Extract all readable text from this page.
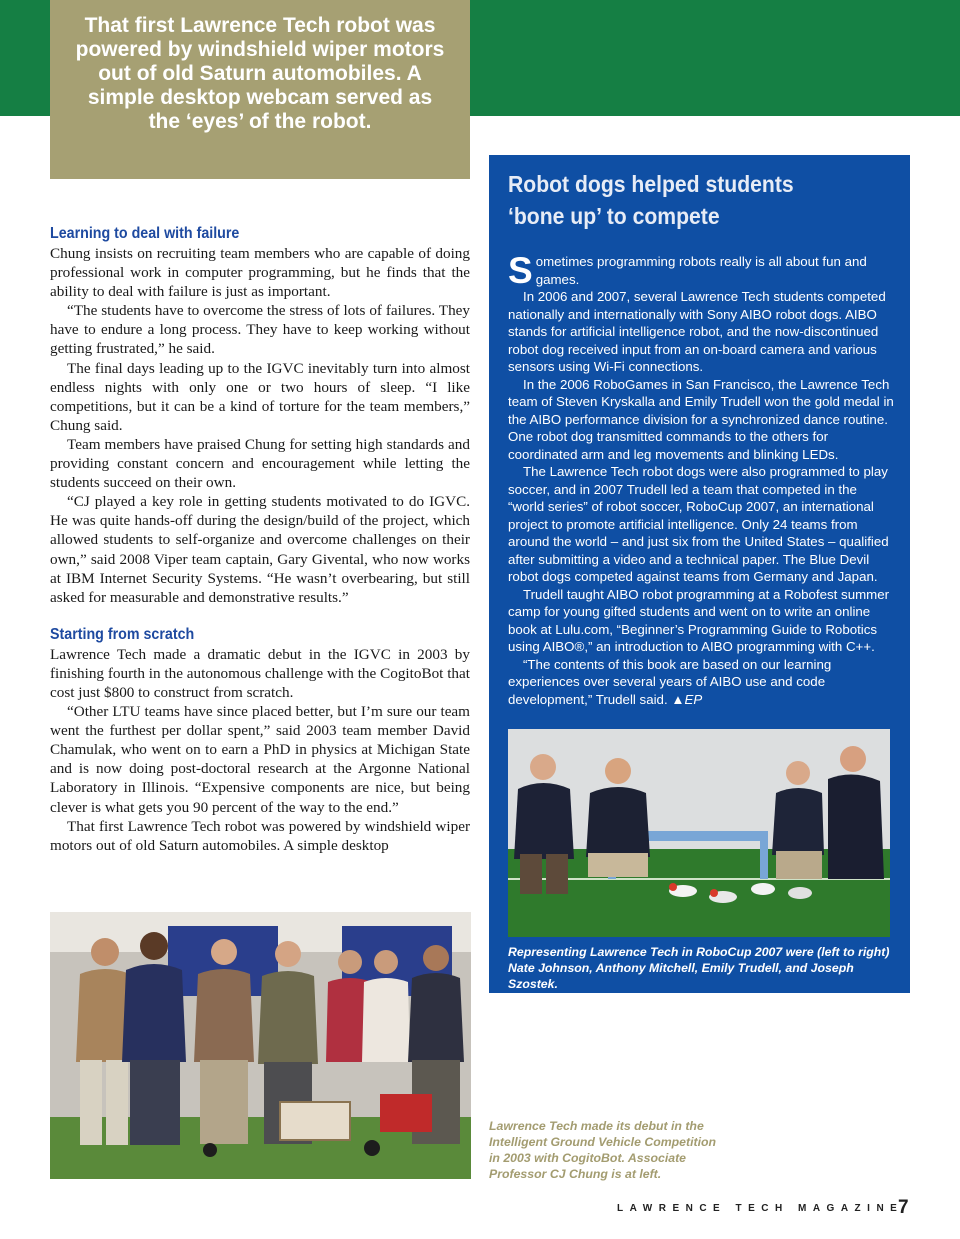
That first Lawrence Tech robot was powered by windshield wiper motors out of old Saturn automobiles. A simple desktop webcam served as the ‘eyes’ of the robot.
Learning to deal with failure

Chung insists on recruiting team members who are capable of doing professional work in computer programming, but he finds that the ability to deal with failure is just as important.

“The students have to overcome the stress of lots of failures. They have to endure a long process. They have to keep working without getting frustrated,” he said.

The final days leading up to the IGVC inevitably turn into almost endless nights with only one or two hours of sleep. “I like competitions, but it can be a kind of torture for the team members,” Chung said.

Team members have praised Chung for setting high standards and providing constant concern and encouragement while letting the students succeed on their own.

“CJ played a key role in getting students motivated to do IGVC. He was quite hands-off during the design/build of the project, which allowed students to self-organize and overcome challenges on their own,” said 2008 Viper team captain, Gary Givental, who now works at IBM Internet Security Systems. “He wasn’t overbearing, but still asked for measurable and demonstrative results.”

Starting from scratch

Lawrence Tech made a dramatic debut in the IGVC in 2003 by finishing fourth in the autonomous challenge with the CogitoBot that cost just $800 to construct from scratch.

“Other LTU teams have since placed better, but I’m sure our team went the furthest per dollar spent,” said 2003 team member David Chamulak, who went on to earn a PhD in physics at Michigan State and is now doing post-doctoral research at the Argonne National Laboratory in Illinois. “Expensive components are nice, but being clever is what gets you 90 percent of the way to the end.”

That first Lawrence Tech robot was powered by windshield wiper motors out of old Saturn automobiles. A simple desktop

Robot dogs helped students
‘bone up’ to compete

Sometimes programming robots really is all about fun and games.

In 2006 and 2007, several Lawrence Tech students competed nationally and internationally with Sony AIBO robot dogs. AIBO stands for artificial intelligence robot, and the now-discontinued robot dog received input from an on-board camera and various sensors using Wi-Fi connections.

In the 2006 RoboGames in San Francisco, the Lawrence Tech team of Steven Kryskalla and Emily Trudell won the gold medal in the AIBO performance division for a synchronized dance routine. One robot dog transmitted commands to the others for coordinated arm and leg movements and blinking LEDs.

The Lawrence Tech robot dogs were also programmed to play soccer, and in 2007 Trudell led a team that competed in the “world series” of robot soccer, RoboCup 2007, an international project to promote artificial intelligence. Only 24 teams from around the world – and just six from the United States – qualified after submitting a video and a technical paper. The Blue Devil robot dogs competed against teams from Germany and Japan.

Trudell taught AIBO robot programming at a Robofest summer camp for young gifted students and went on to write an online book at Lulu.com, “Beginner’s Programming Guide to Robotics using AIBO®,” an introduction to AIBO programming with C++.

“The contents of this book are based on our learning experiences over several years of AIBO use and code development,” Trudell said. ▲EP

Representing Lawrence Tech in RoboCup 2007 were (left to right) Nate Johnson, Anthony Mitchell, Emily Trudell, and Joseph Szostek.
Lawrence Tech made its debut in the Intelligent Ground Vehicle Competition in 2003 with CogitoBot. Associate Professor CJ Chung is at left.
LAWRENCE TECH MAGAZINE
7
